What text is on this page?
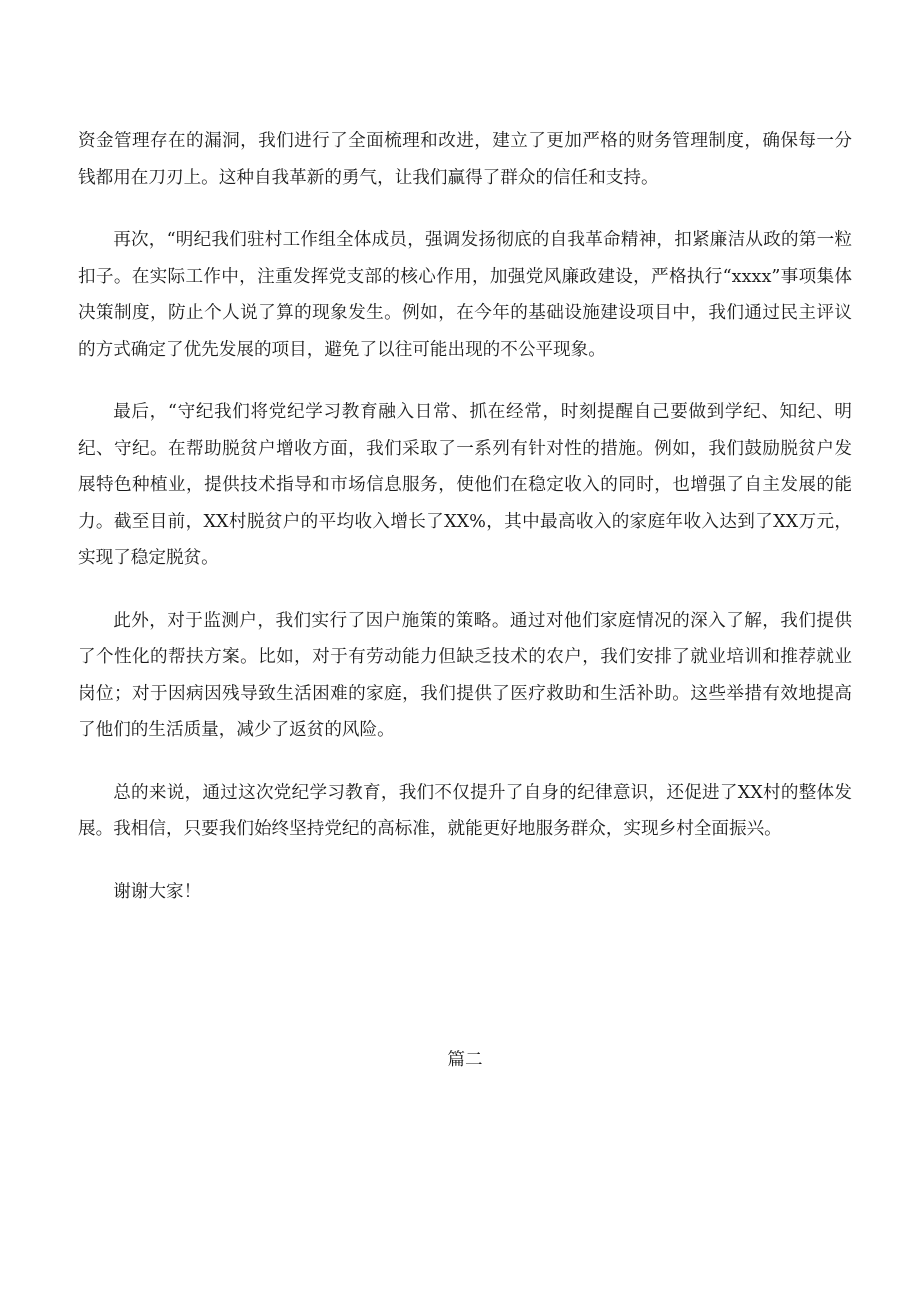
资金管理存在的漏洞，我们进行了全面梳理和改进，建立了更加严格的财务管理制度，确保每一分钱都用在刀刃上。这种自我革新的勇气，让我们赢得了群众的信任和支持。

再次，“明纪我们驻村工作组全体成员，强调发扬彻底的自我革命精神，扣紧廉洁从政的第一粒扣子。在实际工作中，注重发挥党支部的核心作用，加强党风廉政建设，严格执行“xxxx”事项集体决策制度，防止个人说了算的现象发生。例如，在今年的基础设施建设项目中，我们通过民主评议的方式确定了优先发展的项目，避免了以往可能出现的不公平现象。

最后，“守纪我们将党纪学习教育融入日常、抓在经常，时刻提醒自己要做到学纪、知纪、明纪、守纪。在帮助脱贫户增收方面，我们采取了一系列有针对性的措施。例如，我们鼓励脱贫户发展特色种植业，提供技术指导和市场信息服务，使他们在稳定收入的同时，也增强了自主发展的能力。截至目前，XX村脱贫户的平均收入增长了XX%，其中最高收入的家庭年收入达到了XX万元，实现了稳定脱贫。

此外，对于监测户，我们实行了因户施策的策略。通过对他们家庭情况的深入了解，我们提供了个性化的帮扶方案。比如，对于有劳动能力但缺乏技术的农户，我们安排了就业培训和推荐就业岗位；对于因病因残导致生活困难的家庭，我们提供了医疗救助和生活补助。这些举措有效地提高了他们的生活质量，减少了返贫的风险。

总的来说，通过这次党纪学习教育，我们不仅提升了自身的纪律意识，还促进了XX村的整体发展。我相信，只要我们始终坚持党纪的高标准，就能更好地服务群众，实现乡村全面振兴。

谢谢大家！

篇二
